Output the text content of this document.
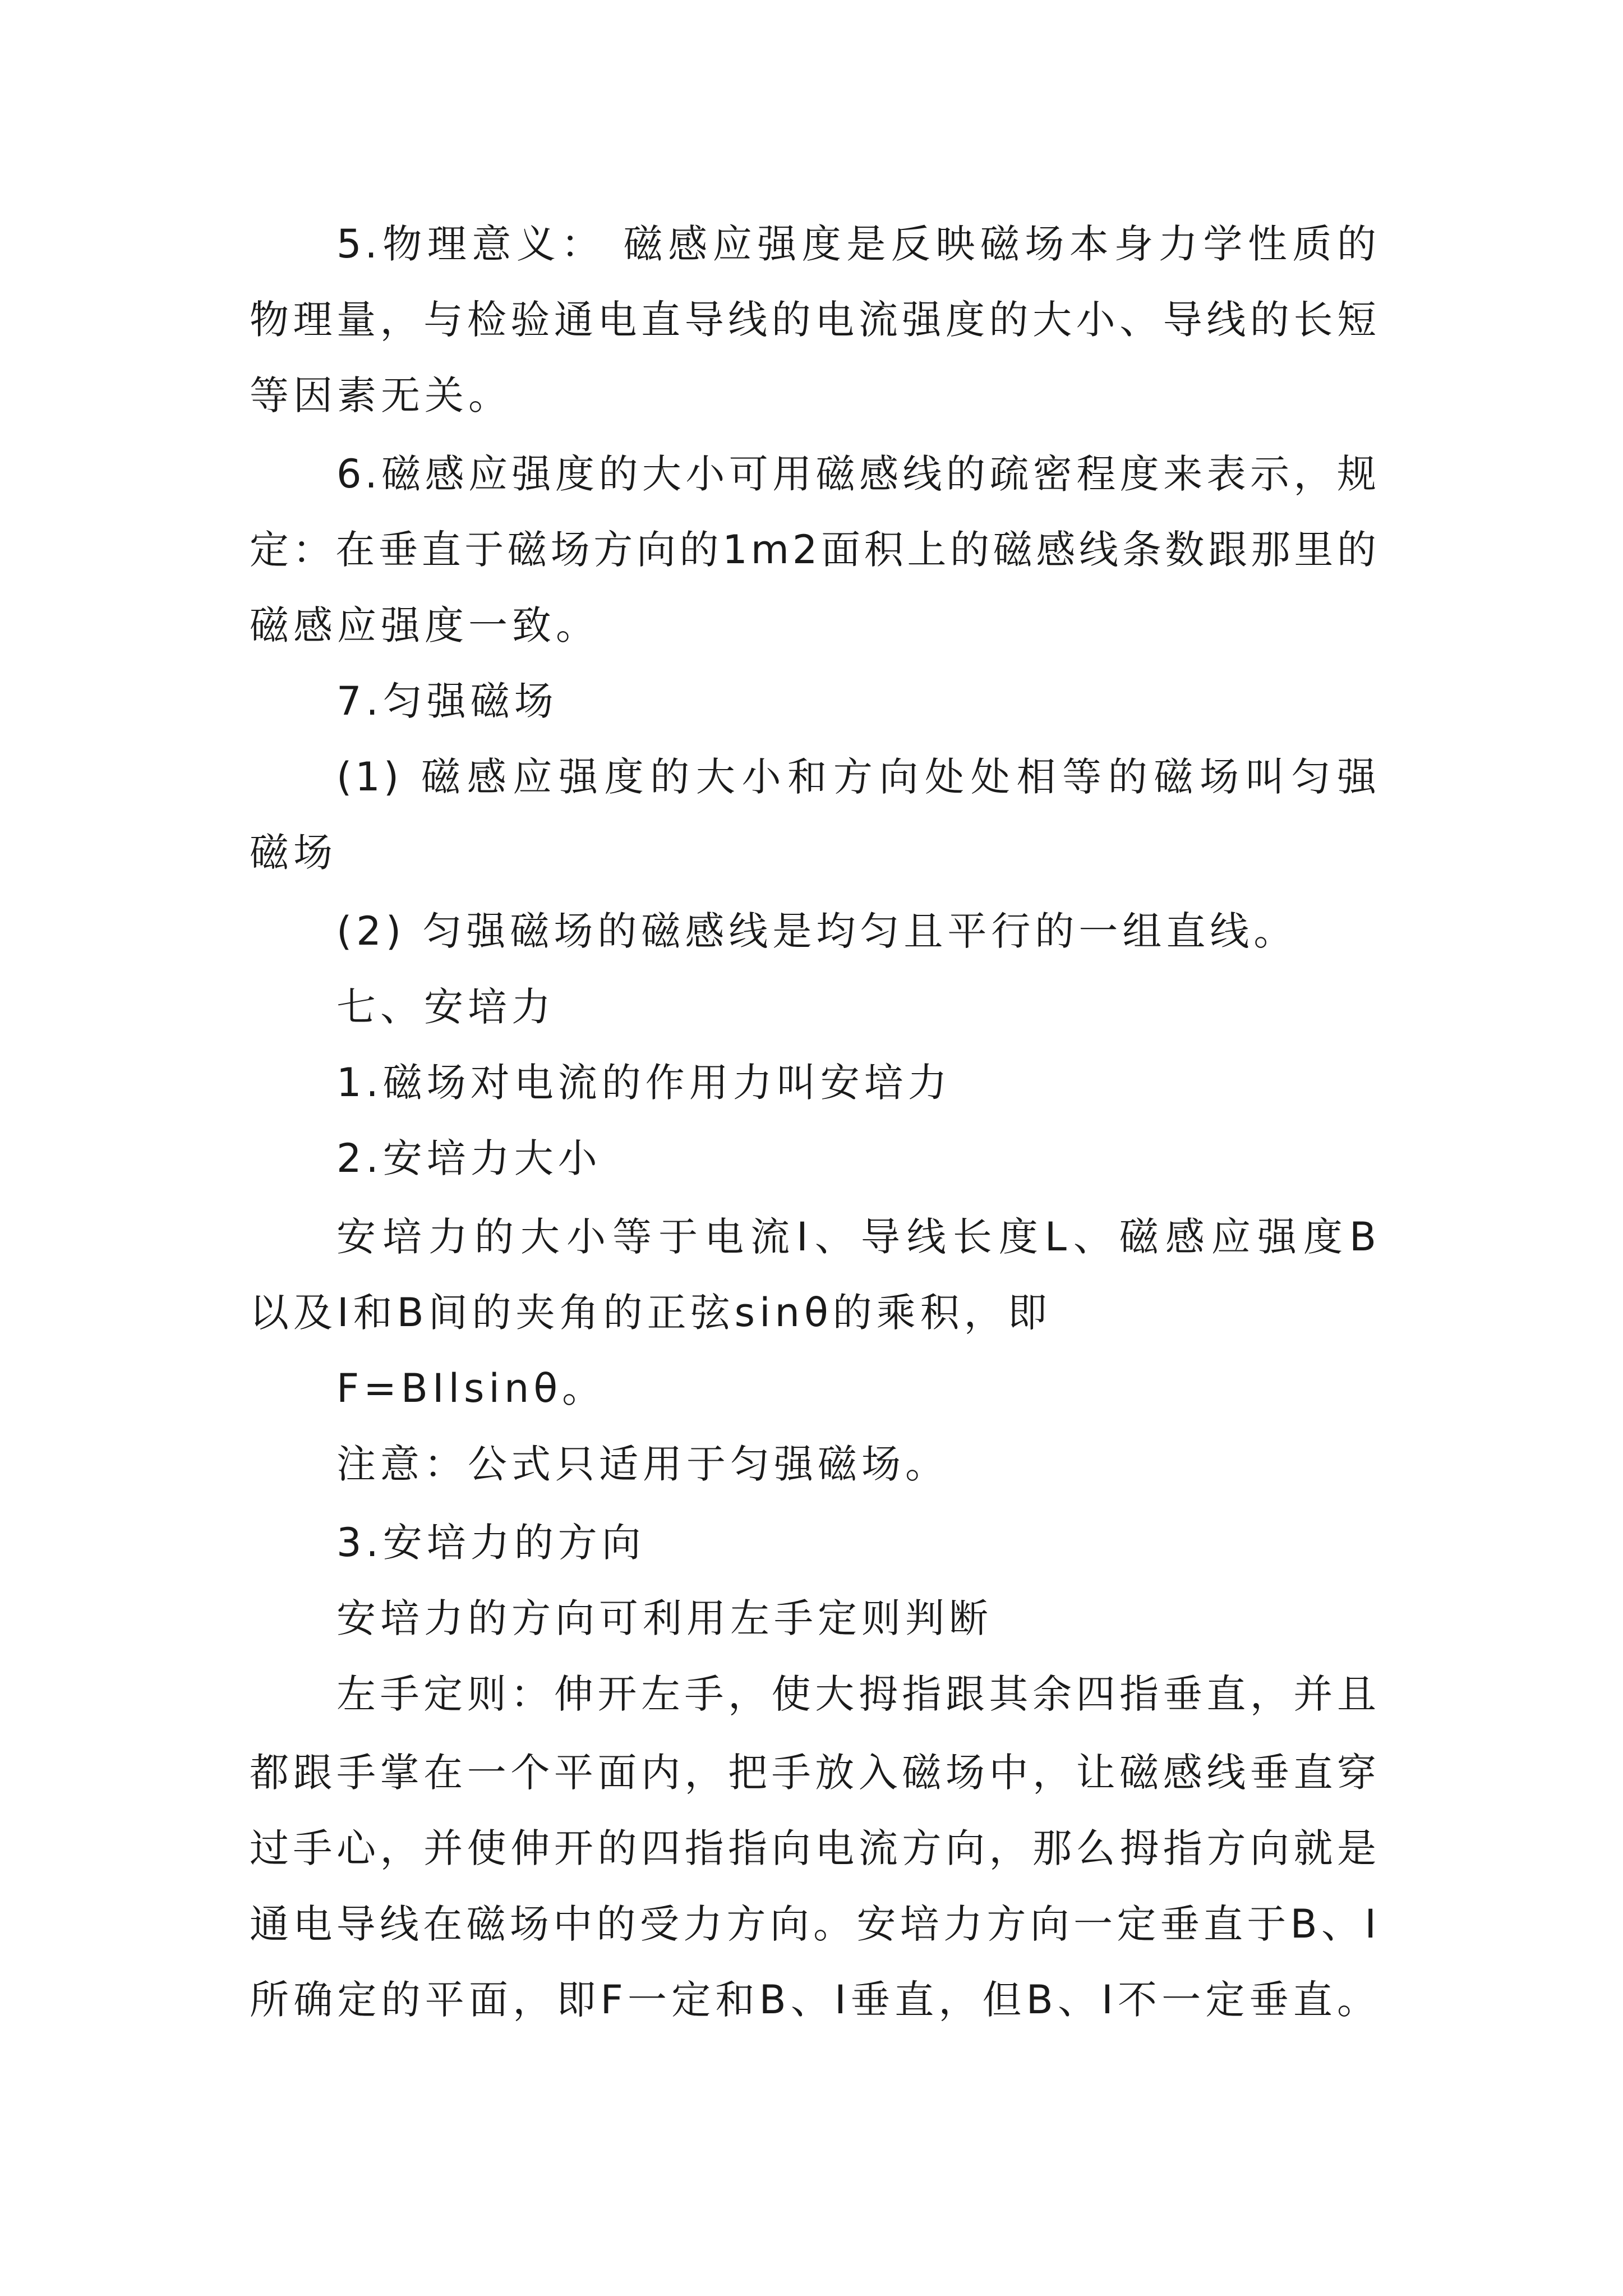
5.物理意义： 磁感应强度是反映磁场本身力学性质的

物理量，与检验通电直导线的电流强度的大小、导线的长短

等因素无关。

6.磁感应强度的大小可用磁感线的疏密程度来表示，规

定：在垂直于磁场方向的1m2面积上的磁感线条数跟那里的

磁感应强度一致。

7.匀强磁场

(1) 磁感应强度的大小和方向处处相等的磁场叫匀强

磁场

(2) 匀强磁场的磁感线是均匀且平行的一组直线。

七、安培力

1.磁场对电流的作用力叫安培力

2.安培力大小

安培力的大小等于电流I、导线长度L、磁感应强度B

以及I和B间的夹角的正弦sinθ的乘积，即

F=BIlsinθ。

注意：公式只适用于匀强磁场。

3.安培力的方向

安培力的方向可利用左手定则判断

左手定则：伸开左手，使大拇指跟其余四指垂直，并且

都跟手掌在一个平面内，把手放入磁场中，让磁感线垂直穿

过手心，并使伸开的四指指向电流方向，那么拇指方向就是

通电导线在磁场中的受力方向。安培力方向一定垂直于B、I

所确定的平面，即F一定和B、I垂直，但B、I不一定垂直。
